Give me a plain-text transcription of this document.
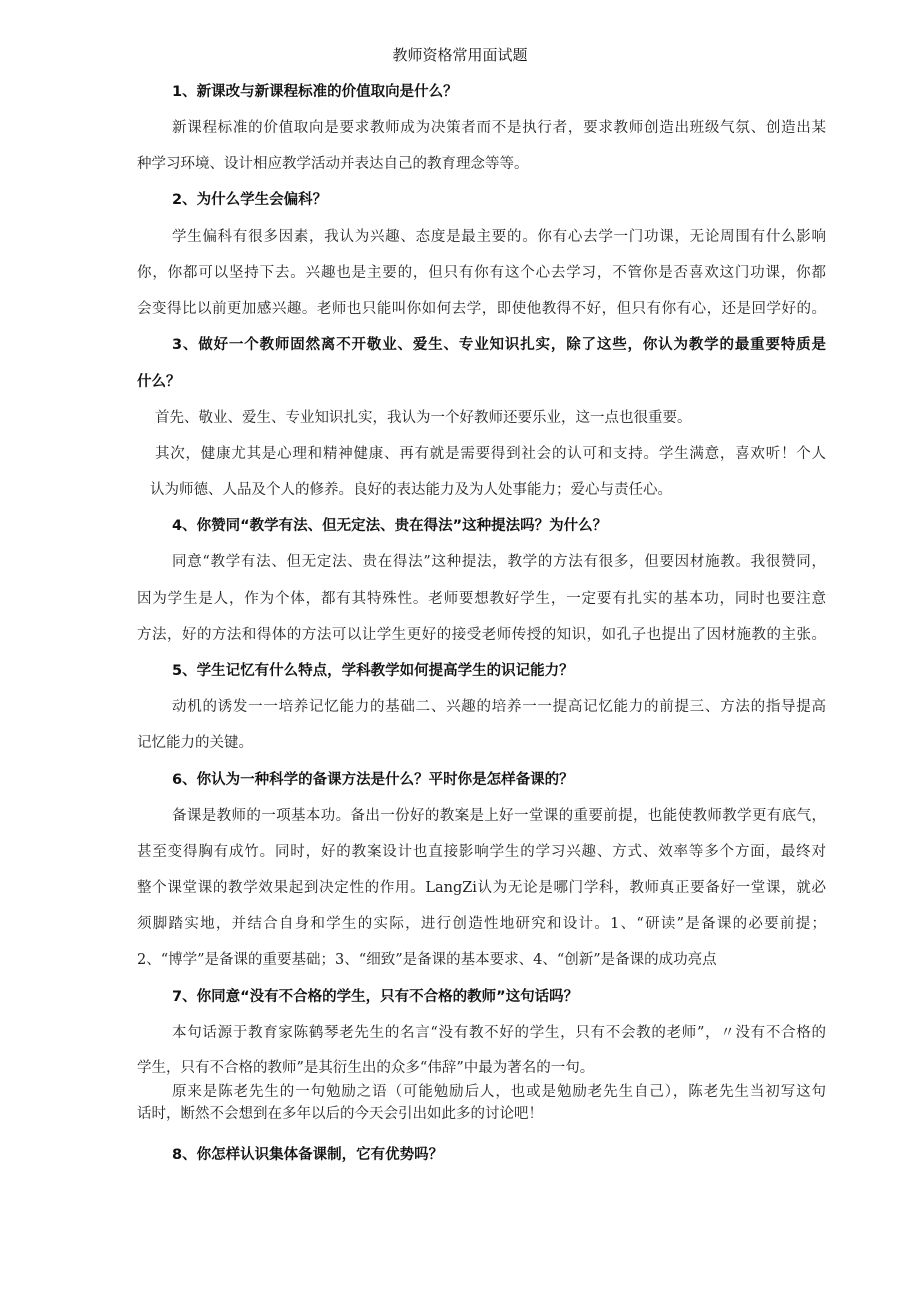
教师资格常用面试题
1、新课改与新课程标准的价值取向是什么？
新课程标准的价值取向是要求教师成为决策者而不是执行者，要求教师创造出班级气氛、创造出某
种学习环境、设计相应教学活动并表达自己的教育理念等等。
2、为什么学生会偏科？
学生偏科有很多因素，我认为兴趣、态度是最主要的。你有心去学一门功课，无论周围有什么影响
你，你都可以坚持下去。兴趣也是主要的，但只有你有这个心去学习，不管你是否喜欢这门功课，你都
会变得比以前更加感兴趣。老师也只能叫你如何去学，即使他教得不好，但只有你有心，还是回学好的。
3、做好一个教师固然离不开敬业、爱生、专业知识扎实，除了这些，你认为教学的最重要特质是
什么？
首先、敬业、爱生、专业知识扎实，我认为一个好教师还要乐业，这一点也很重要。
其次，健康尤其是心理和精神健康、再有就是需要得到社会的认可和支持。学生满意，喜欢听！个人
认为师德、人品及个人的修养。良好的表达能力及为人处事能力；爱心与责任心。
4、你赞同“教学有法、但无定法、贵在得法”这种提法吗？为什么？
同意“教学有法、但无定法、贵在得法”这种提法，教学的方法有很多，但要因材施教。我很赞同，
因为学生是人，作为个体，都有其特殊性。老师要想教好学生，一定要有扎实的基本功，同时也要注意
方法，好的方法和得体的方法可以让学生更好的接受老师传授的知识，如孔子也提出了因材施教的主张。
5、学生记忆有什么特点，学科教学如何提高学生的识记能力？
动机的诱发一一培养记忆能力的基础二、兴趣的培养一一提高记忆能力的前提三、方法的指导提高
记忆能力的关键。
6、你认为一种科学的备课方法是什么？平时你是怎样备课的？
备课是教师的一项基本功。备出一份好的教案是上好一堂课的重要前提，也能使教师教学更有底气，
甚至变得胸有成竹。同时，好的教案设计也直接影响学生的学习兴趣、方式、效率等多个方面，最终对
整个课堂课的教学效果起到决定性的作用。LangZi认为无论是哪门学科，教师真正要备好一堂课，就必
须脚踏实地，并结合自身和学生的实际，进行创造性地研究和设计。1、“研读”是备课的必要前提；
2、“博学”是备课的重要基础；3、“细致”是备课的基本要求、4、“创新”是备课的成功亮点
7、你同意“没有不合格的学生，只有不合格的教师”这句话吗？
本句话源于教育家陈鹤琴老先生的名言“没有教不好的学生，只有不会教的老师”，〃没有不合格的
学生，只有不合格的教师”是其衍生出的众多“伟辞”中最为著名的一句。
原来是陈老先生的一句勉励之语（可能勉励后人，也或是勉励老先生自己），陈老先生当初写这句
话时，断然不会想到在多年以后的今天会引出如此多的讨论吧！
8、你怎样认识集体备课制，它有优势吗？
